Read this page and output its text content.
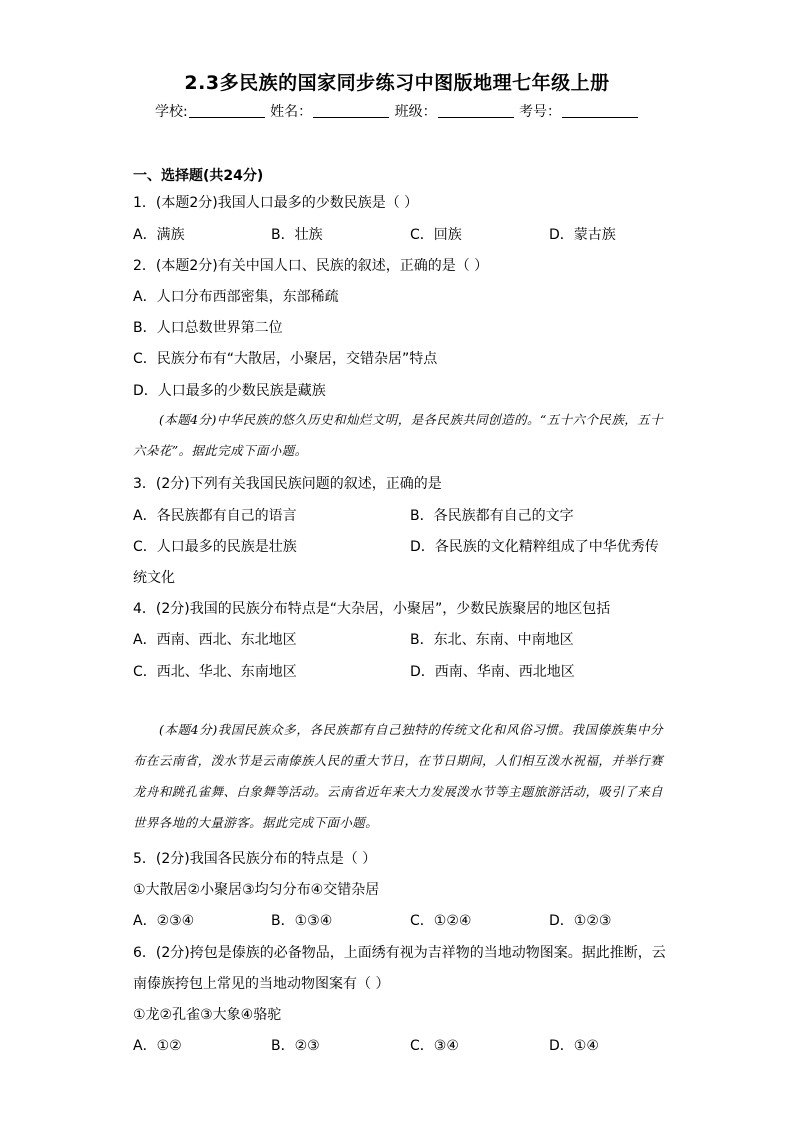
2.3多民族的国家同步练习中图版地理七年级上册
学校:	姓名：	班级：	考号：
一、选择题(共24分)
1．(本题2分)我国人口最多的少数民族是（ ）
A．满族	B．壮族	C．回族	D．蒙古族
2．(本题2分)有关中国人口、民族的叙述，正确的是（ ）
A．人口分布西部密集，东部稀疏
B．人口总数世界第二位
C．民族分布有“大散居，小聚居，交错杂居”特点
D．人口最多的少数民族是藏族
(本题4分)中华民族的悠久历史和灿烂文明，是各民族共同创造的。“五十六个民族，五十六朵花”。据此完成下面小题。
3．(2分)下列有关我国民族问题的叙述，正确的是
A．各民族都有自己的语言	B．各民族都有自己的文字
C．人口最多的民族是壮族	D．各民族的文化精粹组成了中华优秀传
统文化
4．(2分)我国的民族分布特点是“大杂居，小聚居”，少数民族聚居的地区包括
A．西南、西北、东北地区	B．东北、东南、中南地区
C．西北、华北、东南地区	D．西南、华南、西北地区
(本题4分)我国民族众多，各民族都有自己独特的传统文化和风俗习惯。我国傣族集中分布在云南省，泼水节是云南傣族人民的重大节日，在节日期间，人们相互泼水祝福，并举行赛龙舟和跳孔雀舞、白象舞等活动。云南省近年来大力发展泼水节等主题旅游活动，吸引了来自世界各地的大量游客。据此完成下面小题。
5．(2分)我国各民族分布的特点是（ ）
①大散居②小聚居③均匀分布④交错杂居
A．②③④	B．①③④	C．①②④	D．①②③
6．(2分)挎包是傣族的必备物品，上面绣有视为吉祥物的当地动物图案。据此推断，云
南傣族挎包上常见的当地动物图案有（ ）
①龙②孔雀③大象④骆驼
A．①②	B．②③	C．③④	D．①④
